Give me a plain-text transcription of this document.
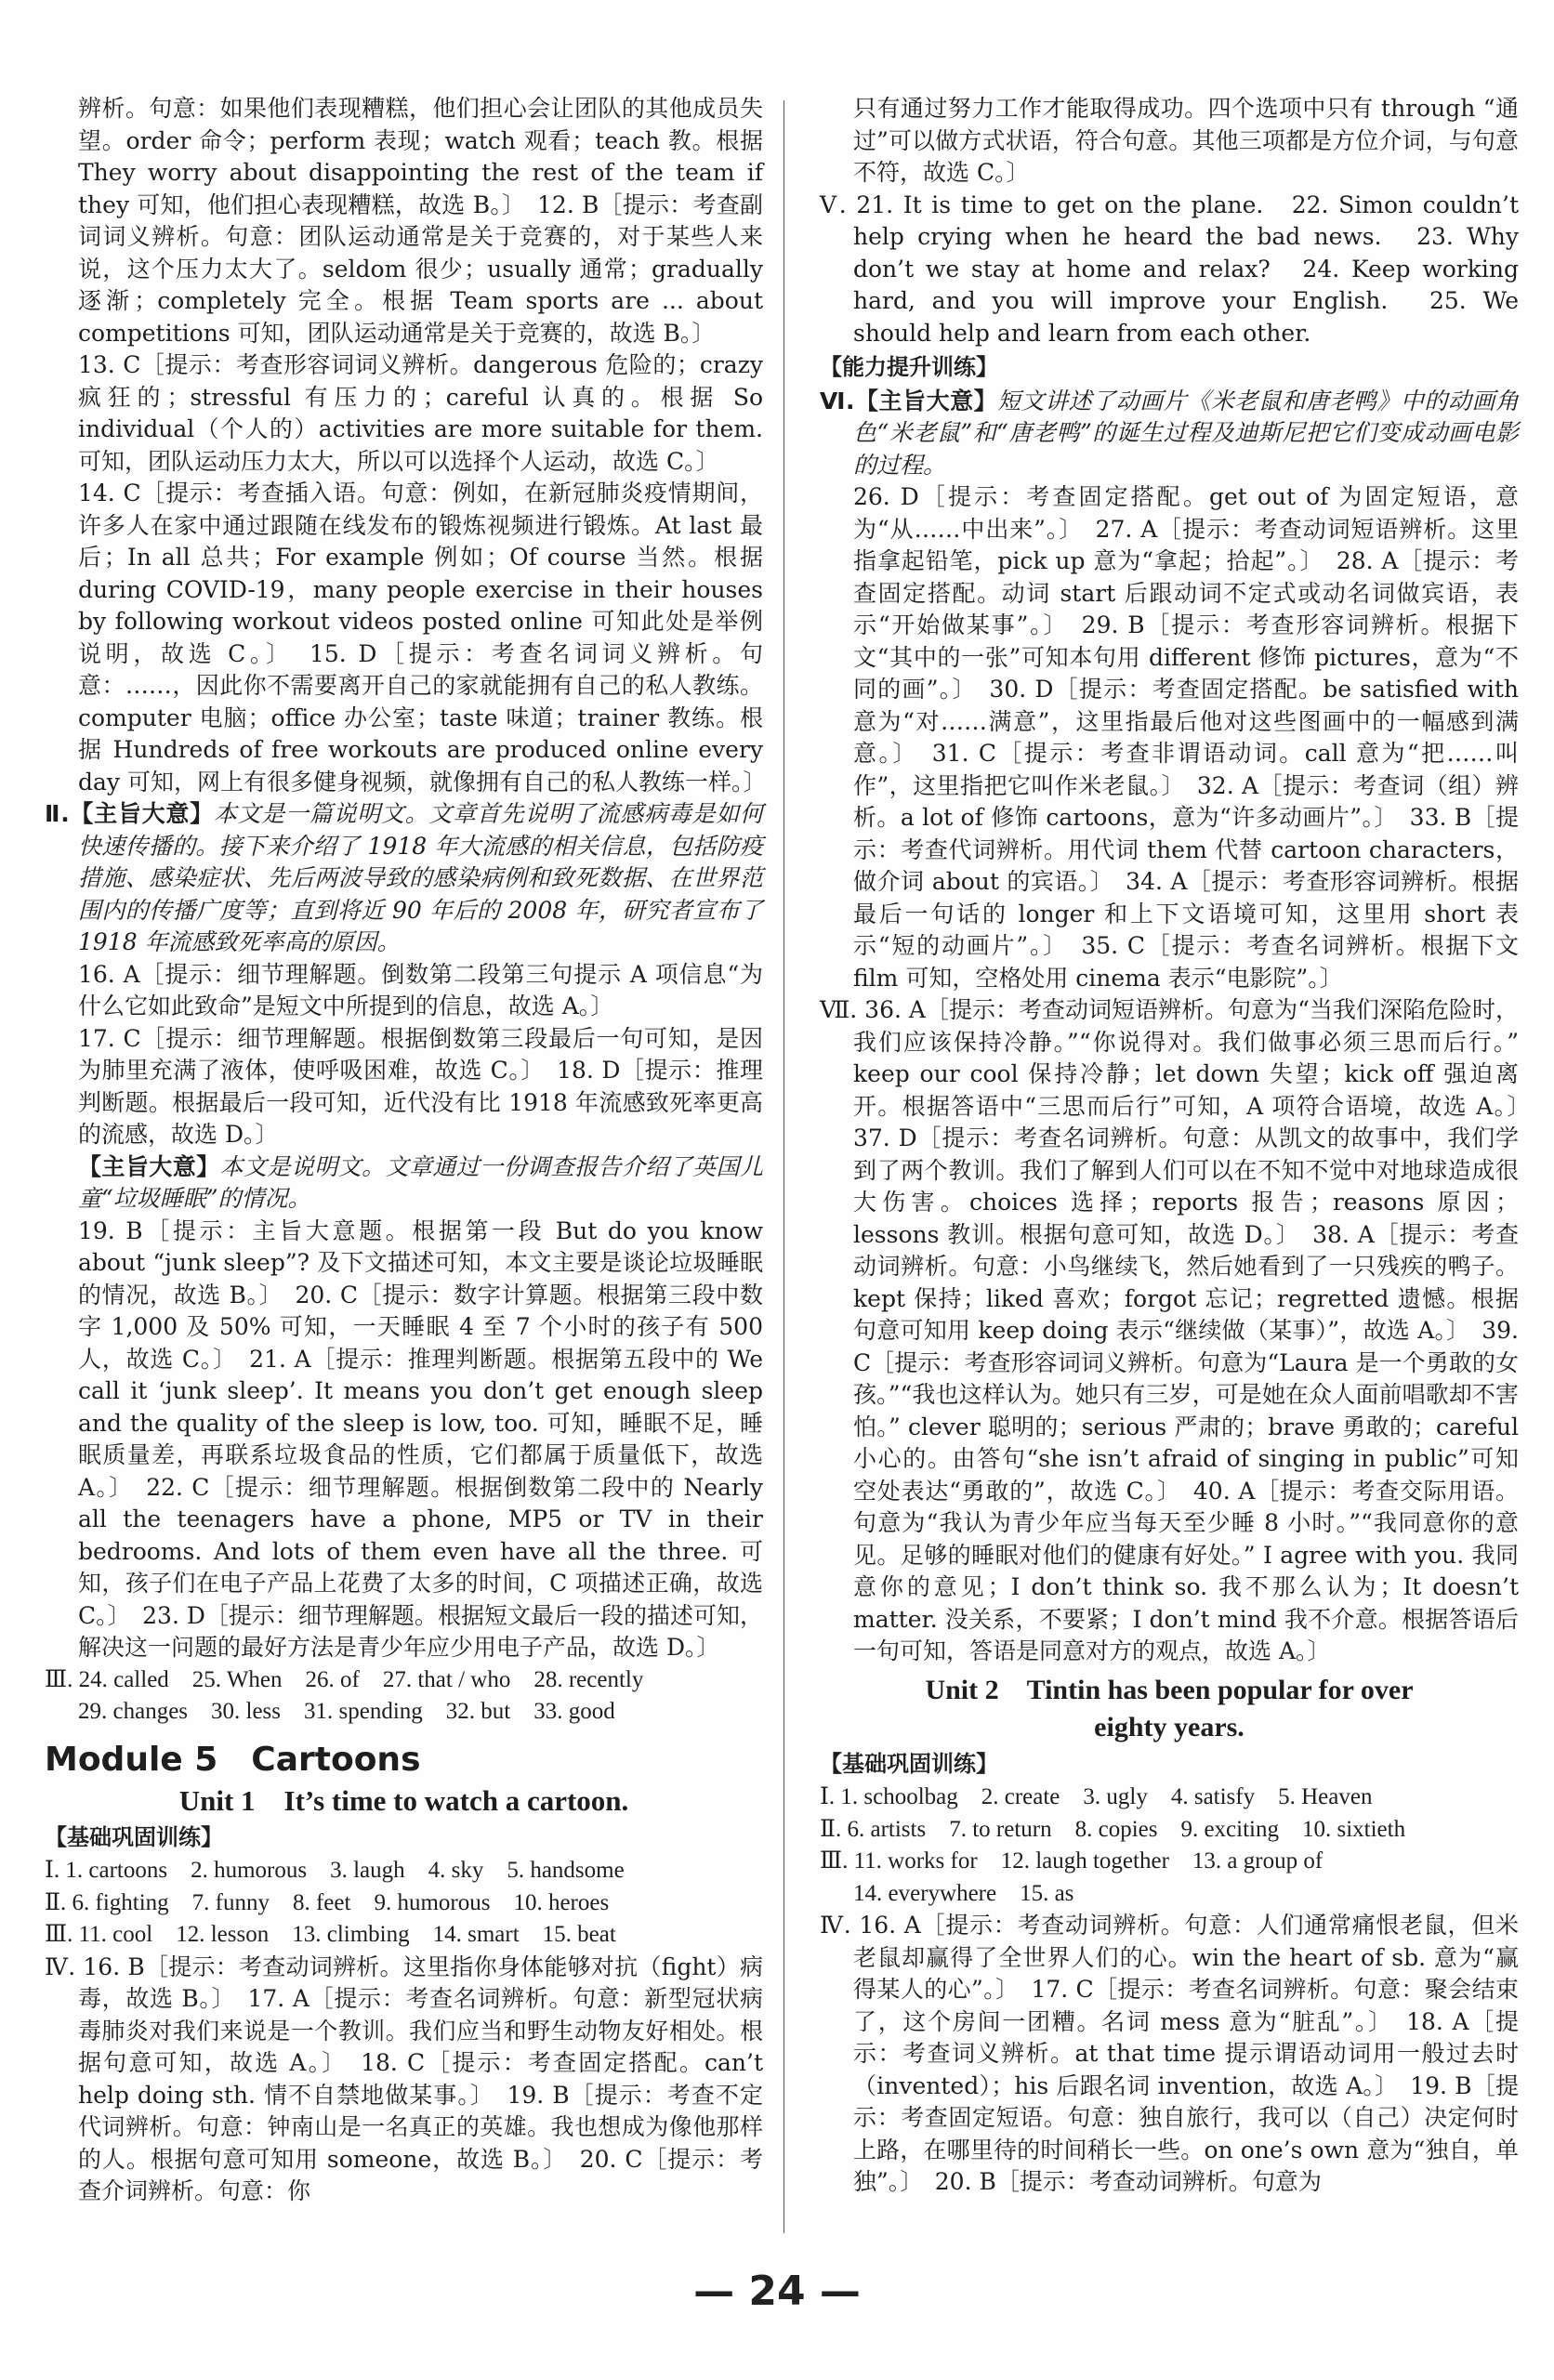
辨析。句意：如果他们表现糟糕，他们担心会让团队的其他成员失望。order 命令；perform 表现；watch 观看；teach 教。根据 They worry about disappointing the rest of the team if they 可知，他们担心表现糟糕，故选 B。〕　12. B［提示：考查副词词义辨析。句意：团队运动通常是关于竞赛的，对于某些人来说，这个压力太大了。seldom 很少；usually 通常；gradually 逐渐；completely 完全。根据 Team sports are ... about competitions 可知，团队运动通常是关于竞赛的，故选 B。〕

13. C［提示：考查形容词词义辨析。dangerous 危险的；crazy 疯狂的；stressful 有压力的；careful 认真的。根据 So individual（个人的）activities are more suitable for them. 可知，团队运动压力太大，所以可以选择个人运动，故选 C。〕

14. C［提示：考查插入语。句意：例如，在新冠肺炎疫情期间，许多人在家中通过跟随在线发布的锻炼视频进行锻炼。At last 最后；In all 总共；For example 例如；Of course 当然。根据 during COVID-19，many people exercise in their houses by following workout videos posted online 可知此处是举例说明，故选 C。〕　15. D［提示：考查名词词义辨析。句意：……，因此你不需要离开自己的家就能拥有自己的私人教练。computer 电脑；office 办公室；taste 味道；trainer 教练。根据 Hundreds of free workouts are produced online every day 可知，网上有很多健身视频，就像拥有自己的私人教练一样。〕

Ⅱ.【主旨大意】本文是一篇说明文。文章首先说明了流感病毒是如何快速传播的。接下来介绍了 1918 年大流感的相关信息，包括防疫措施、感染症状、先后两波导致的感染病例和致死数据、在世界范围内的传播广度等；直到将近 90 年后的 2008 年，研究者宣布了 1918 年流感致死率高的原因。

16. A［提示：细节理解题。倒数第二段第三句提示 A 项信息“为什么它如此致命”是短文中所提到的信息，故选 A。〕

17. C［提示：细节理解题。根据倒数第三段最后一句可知，是因为肺里充满了液体，使呼吸困难，故选 C。〕　18. D［提示：推理判断题。根据最后一段可知，近代没有比 1918 年流感致死率更高的流感，故选 D。〕

【主旨大意】本文是说明文。文章通过一份调查报告介绍了英国儿童“垃圾睡眠”的情况。

19. B［提示：主旨大意题。根据第一段 But do you know about “junk sleep”? 及下文描述可知，本文主要是谈论垃圾睡眠的情况，故选 B。〕　20. C［提示：数字计算题。根据第三段中数字 1,000 及 50% 可知，一天睡眠 4 至 7 个小时的孩子有 500 人，故选 C。〕　21. A［提示：推理判断题。根据第五段中的 We call it ‘junk sleep’. It means you don’t get enough sleep and the quality of the sleep is low, too. 可知，睡眠不足，睡眠质量差，再联系垃圾食品的性质，它们都属于质量低下，故选 A。〕　22. C［提示：细节理解题。根据倒数第二段中的 Nearly all the teenagers have a phone, MP5 or TV in their bedrooms. And lots of them even have all the three. 可知，孩子们在电子产品上花费了太多的时间，C 项描述正确，故选 C。〕　23. D［提示：细节理解题。根据短文最后一段的描述可知，解决这一问题的最好方法是青少年应少用电子产品，故选 D。〕

Ⅲ. 24. called　25. When　26. of　27. that / who　28. recently

29. changes　30. less　31. spending　32. but　33. good

Module 5　Cartoons

Unit 1　It’s time to watch a cartoon.

【基础巩固训练】

Ⅰ. 1. cartoons　2. humorous　3. laugh　4. sky　5. handsome

Ⅱ. 6. fighting　7. funny　8. feet　9. humorous　10. heroes

Ⅲ. 11. cool　12. lesson　13. climbing　14. smart　15. beat

Ⅳ. 16. B［提示：考查动词辨析。这里指你身体能够对抗（fight）病毒，故选 B。〕　17. A［提示：考查名词辨析。句意：新型冠状病毒肺炎对我们来说是一个教训。我们应当和野生动物友好相处。根据句意可知，故选 A。〕　18. C［提示：考查固定搭配。can’t help doing sth. 情不自禁地做某事。〕　19. B［提示：考查不定代词辨析。句意：钟南山是一名真正的英雄。我也想成为像他那样的人。根据句意可知用 someone，故选 B。〕　20. C［提示：考查介词辨析。句意：你

只有通过努力工作才能取得成功。四个选项中只有 through “通过”可以做方式状语，符合句意。其他三项都是方位介词，与句意不符，故选 C。〕

Ⅴ. 21. It is time to get on the plane.　22. Simon couldn’t help crying when he heard the bad news.　23. Why don’t we stay at home and relax?　24. Keep working hard, and you will improve your English.　25. We should help and learn from each other.

【能力提升训练】

Ⅵ.【主旨大意】短文讲述了动画片《米老鼠和唐老鸭》中的动画角色“米老鼠”和“唐老鸭”的诞生过程及迪斯尼把它们变成动画电影的过程。

26. D［提示：考查固定搭配。get out of 为固定短语，意为“从……中出来”。〕　27. A［提示：考查动词短语辨析。这里指拿起铅笔，pick up 意为“拿起；拾起”。〕　28. A［提示：考查固定搭配。动词 start 后跟动词不定式或动名词做宾语，表示“开始做某事”。〕　29. B［提示：考查形容词辨析。根据下文“其中的一张”可知本句用 different 修饰 pictures，意为“不同的画”。〕　30. D［提示：考查固定搭配。be satisfied with 意为“对……满意”，这里指最后他对这些图画中的一幅感到满意。〕　31. C［提示：考查非谓语动词。call 意为“把……叫作”，这里指把它叫作米老鼠。〕　32. A［提示：考查词（组）辨析。a lot of 修饰 cartoons，意为“许多动画片”。〕　33. B［提示：考查代词辨析。用代词 them 代替 cartoon characters，做介词 about 的宾语。〕　34. A［提示：考查形容词辨析。根据最后一句话的 longer 和上下文语境可知，这里用 short 表示“短的动画片”。〕　35. C［提示：考查名词辨析。根据下文 film 可知，空格处用 cinema 表示“电影院”。〕

Ⅶ. 36. A［提示：考查动词短语辨析。句意为“当我们深陷危险时，我们应该保持冷静。”“你说得对。我们做事必须三思而后行。” keep our cool 保持冷静；let down 失望；kick off 强迫离开。根据答语中“三思而后行”可知，A 项符合语境，故选 A。〕　37. D［提示：考查名词辨析。句意：从凯文的故事中，我们学到了两个教训。我们了解到人们可以在不知不觉中对地球造成很大伤害。choices 选择；reports 报告；reasons 原因；lessons 教训。根据句意可知，故选 D。〕　38. A［提示：考查动词辨析。句意：小鸟继续飞，然后她看到了一只残疾的鸭子。kept 保持；liked 喜欢；forgot 忘记；regretted 遗憾。根据句意可知用 keep doing 表示“继续做（某事）”，故选 A。〕　39. C［提示：考查形容词词义辨析。句意为“Laura 是一个勇敢的女孩。”“我也这样认为。她只有三岁，可是她在众人面前唱歌却不害怕。” clever 聪明的；serious 严肃的；brave 勇敢的；careful 小心的。由答句“she isn’t afraid of singing in public”可知空处表达“勇敢的”，故选 C。〕　40. A［提示：考查交际用语。句意为“我认为青少年应当每天至少睡 8 小时。”“我同意你的意见。足够的睡眠对他们的健康有好处。” I agree with you. 我同意你的意见；I don’t think so. 我不那么认为；It doesn’t matter. 没关系，不要紧；I don’t mind 我不介意。根据答语后一句可知，答语是同意对方的观点，故选 A。〕

Unit 2　Tintin has been popular for over

eighty years.

【基础巩固训练】

Ⅰ. 1. schoolbag　2. create　3. ugly　4. satisfy　5. Heaven

Ⅱ. 6. artists　7. to return　8. copies　9. exciting　10. sixtieth

Ⅲ. 11. works for　12. laugh together　13. a group of

14. everywhere　15. as

Ⅳ. 16. A［提示：考查动词辨析。句意：人们通常痛恨老鼠，但米老鼠却赢得了全世界人们的心。win the heart of sb. 意为“赢得某人的心”。〕　17. C［提示：考查名词辨析。句意：聚会结束了，这个房间一团糟。名词 mess 意为“脏乱”。〕　18. A［提示：考查词义辨析。at that time 提示谓语动词用一般过去时（invented）；his 后跟名词 invention，故选 A。〕　19. B［提示：考查固定短语。句意：独自旅行，我可以（自己）决定何时上路，在哪里待的时间稍长一些。on one’s own 意为“独自，单独”。〕　20. B［提示：考查动词辨析。句意为

— 24 —
